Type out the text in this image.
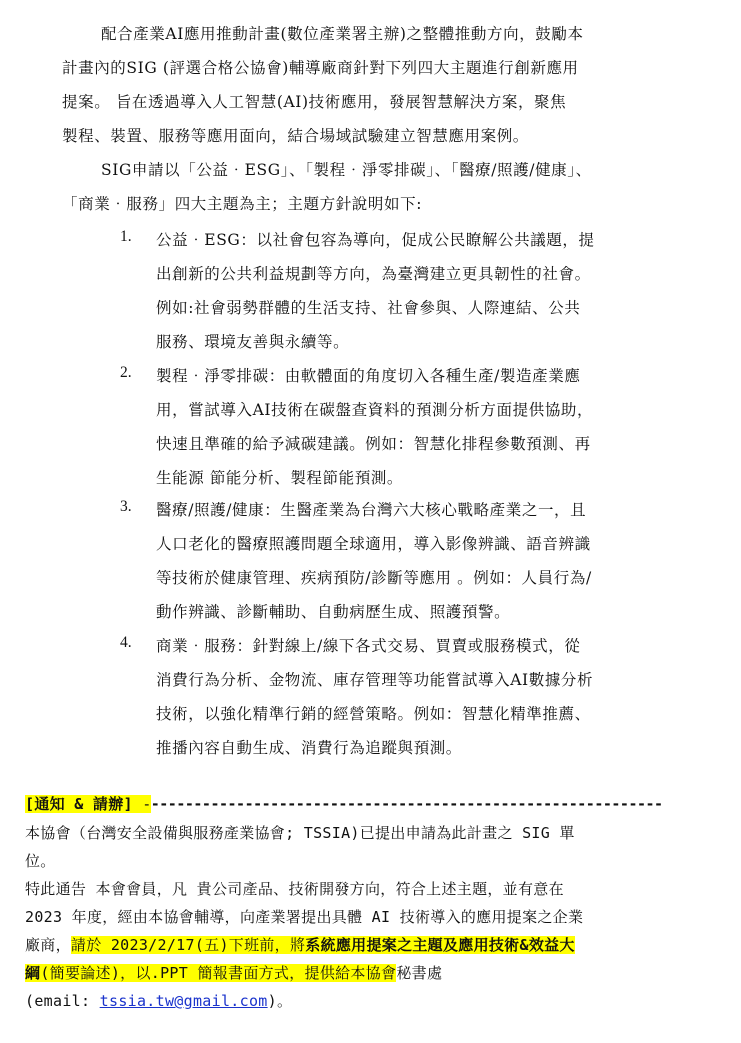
配合產業AI應用推動計畫(數位產業署主辦)之整體推動方向，鼓勵本
計畫內的SIG (評選合格公協會)輔導廠商針對下列四大主題進行創新應用
提案。 旨在透過導入人工智慧(AI)技術應用，發展智慧解決方案，聚焦
製程、裝置、服務等應用面向，結合場域試驗建立智慧應用案例。
SIG申請以「公益‧ESG」、「製程‧淨零排碳」、「醫療/照護/健康」、
「商業‧服務」四大主題為主；主題方針說明如下:
1. 公益‧ESG：以社會包容為導向，促成公民瞭解公共議題，提
出創新的公共利益規劃等方向，為臺灣建立更具韌性的社會。
例如:社會弱勢群體的生活支持、社會參與、人際連結、公共
服務、環境友善與永續等。
2. 製程‧淨零排碳：由軟體面的角度切入各種生產/製造產業應
用，嘗試導入AI技術在碳盤查資料的預測分析方面提供協助，
快速且準確的給予減碳建議。例如：智慧化排程參數預測、再
生能源 節能分析、製程節能預測。
3. 醫療/照護/健康：生醫產業為台灣六大核心戰略產業之一，且
人口老化的醫療照護問題全球適用，導入影像辨識、語音辨識
等技術於健康管理、疾病預防/診斷等應用 。例如：人員行為/
動作辨識、診斷輔助、自動病歷生成、照護預警。
4. 商業‧服務：針對線上/線下各式交易、買賣或服務模式，從
消費行為分析、金物流、庫存管理等功能嘗試導入AI數據分析
技術，以強化精準行銷的經營策略。例如：智慧化精準推薦、
推播內容自動生成、消費行為追蹤與預測。
[通知 & 請辦] -------------------------------------------------------------
本協會（台灣安全設備與服務產業協會; TSSIA)已提出申請為此計畫之 SIG 單
位。
特此通告 本會會員，凡 貴公司產品、技術開發方向，符合上述主題，並有意在
2023 年度，經由本協會輔導，向產業署提出具體 AI 技術導入的應用提案之企業
廠商，請於 2023/2/17(五)下班前，將系統應用提案之主題及應用技術&效益大
綱(簡要論述)，以.PPT 簡報書面方式，提供給本協會秘書處
(email: tssia.tw@gmail.com)。
